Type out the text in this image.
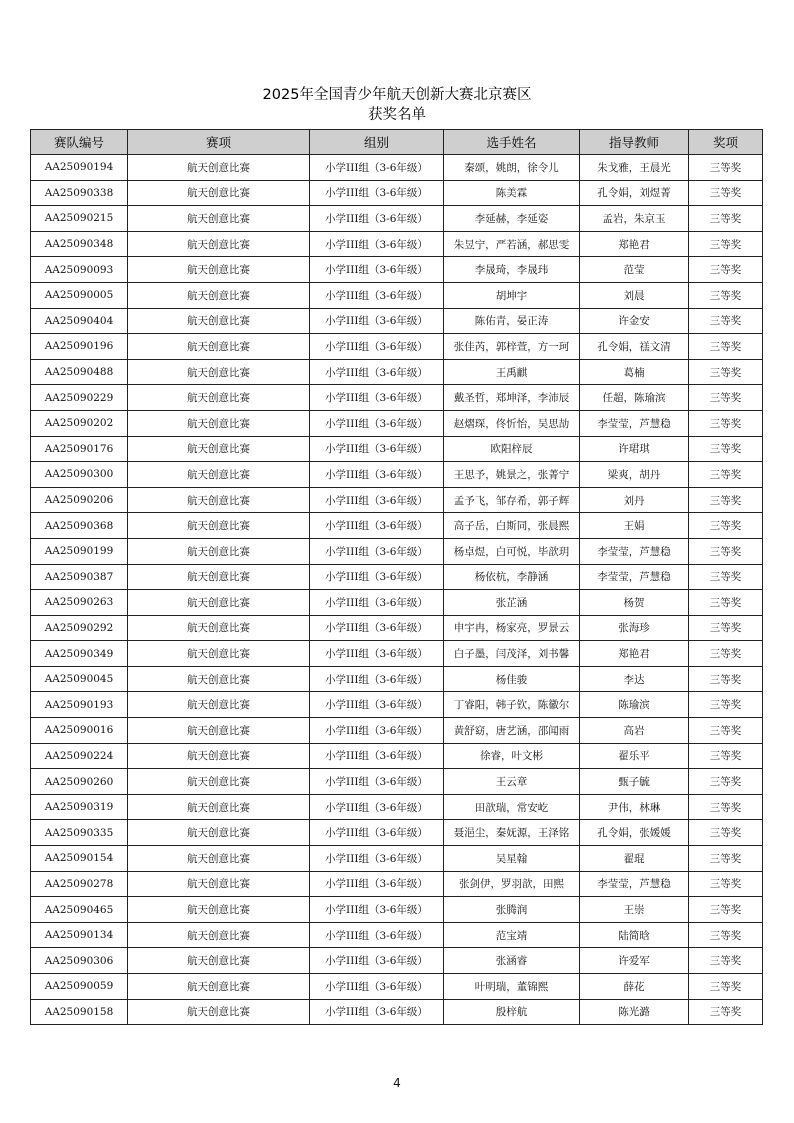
2025年全国青少年航天创新大赛北京赛区
获奖名单
赛队编号	赛项	组别	选手姓名	指导教师	奖项
AA25090194	航天创意比赛	小学III组（3-6年级）	秦颂，姚朗，徐令儿	朱戈雅，王晨光	三等奖
AA25090338	航天创意比赛	小学III组（3-6年级）	陈美霖	孔令娟，刘煜菁	三等奖
AA25090215	航天创意比赛	小学III组（3-6年级）	李延赫，李延姿	孟岩，朱京玉	三等奖
AA25090348	航天创意比赛	小学III组（3-6年级）	朱昱宁，严若涵，郝思雯	郑艳君	三等奖
AA25090093	航天创意比赛	小学III组（3-6年级）	李晟琦，李晟玮	范莹	三等奖
AA25090005	航天创意比赛	小学III组（3-6年级）	胡坤宇	刘晨	三等奖
AA25090404	航天创意比赛	小学III组（3-6年级）	陈佑青，晏正涛	许金安	三等奖
AA25090196	航天创意比赛	小学III组（3-6年级）	张佳芮，郭梓萱，方一珂	孔令娟，禚文清	三等奖
AA25090488	航天创意比赛	小学III组（3-6年级）	王禹麒	葛楠	三等奖
AA25090229	航天创意比赛	小学III组（3-6年级）	戴圣哲，郑坤泽，李沛辰	任超，陈瑜滨	三等奖
AA25090202	航天创意比赛	小学III组（3-6年级）	赵熠琛，佟忻怡，吴思劼	李莹莹，芦慧稳	三等奖
AA25090176	航天创意比赛	小学III组（3-6年级）	欧阳梓辰	许珺琪	三等奖
AA25090300	航天创意比赛	小学III组（3-6年级）	王思予，姚景之，张菁宁	梁爽，胡丹	三等奖
AA25090206	航天创意比赛	小学III组（3-6年级）	孟予飞，邹存希，郭子辉	刘丹	三等奖
AA25090368	航天创意比赛	小学III组（3-6年级）	高子岳，白斯同，张晨熙	王娟	三等奖
AA25090199	航天创意比赛	小学III组（3-6年级）	杨卓煜，白可悦，毕歆玥	李莹莹，芦慧稳	三等奖
AA25090387	航天创意比赛	小学III组（3-6年级）	杨依杭，李静涵	李莹莹，芦慧稳	三等奖
AA25090263	航天创意比赛	小学III组（3-6年级）	张芷涵	杨贺	三等奖
AA25090292	航天创意比赛	小学III组（3-6年级）	申宇冉，杨家亮，罗景云	张海珍	三等奖
AA25090349	航天创意比赛	小学III组（3-6年级）	白子墨，闫茂泽，刘书馨	郑艳君	三等奖
AA25090045	航天创意比赛	小学III组（3-6年级）	杨佳骏	李达	三等奖
AA25090193	航天创意比赛	小学III组（3-6年级）	丁睿阳，韩子钦，陈徽尔	陈瑜滨	三等奖
AA25090016	航天创意比赛	小学III组（3-6年级）	黄舒窈，唐艺涵，邵闻雨	高岩	三等奖
AA25090224	航天创意比赛	小学III组（3-6年级）	徐睿，叶文彬	翟乐平	三等奖
AA25090260	航天创意比赛	小学III组（3-6年级）	王云章	甄子毓	三等奖
AA25090319	航天创意比赛	小学III组（3-6年级）	田歆瑞，常安屹	尹伟，林琳	三等奖
AA25090335	航天创意比赛	小学III组（3-6年级）	聂浥尘，秦妩源，王泽铭	孔令娟，张媛媛	三等奖
AA25090154	航天创意比赛	小学III组（3-6年级）	吴星翰	翟琨	三等奖
AA25090278	航天创意比赛	小学III组（3-6年级）	张剑伊，罗羽歆，田熙	李莹莹，芦慧稳	三等奖
AA25090465	航天创意比赛	小学III组（3-6年级）	张腾润	王崇	三等奖
AA25090134	航天创意比赛	小学III组（3-6年级）	范宝靖	陆简晗	三等奖
AA25090306	航天创意比赛	小学III组（3-6年级）	张涵睿	许爱军	三等奖
AA25090059	航天创意比赛	小学III组（3-6年级）	叶明瑞，董锦熙	薛花	三等奖
AA25090158	航天创意比赛	小学III组（3-6年级）	殷梓航	陈光潞	三等奖
4
